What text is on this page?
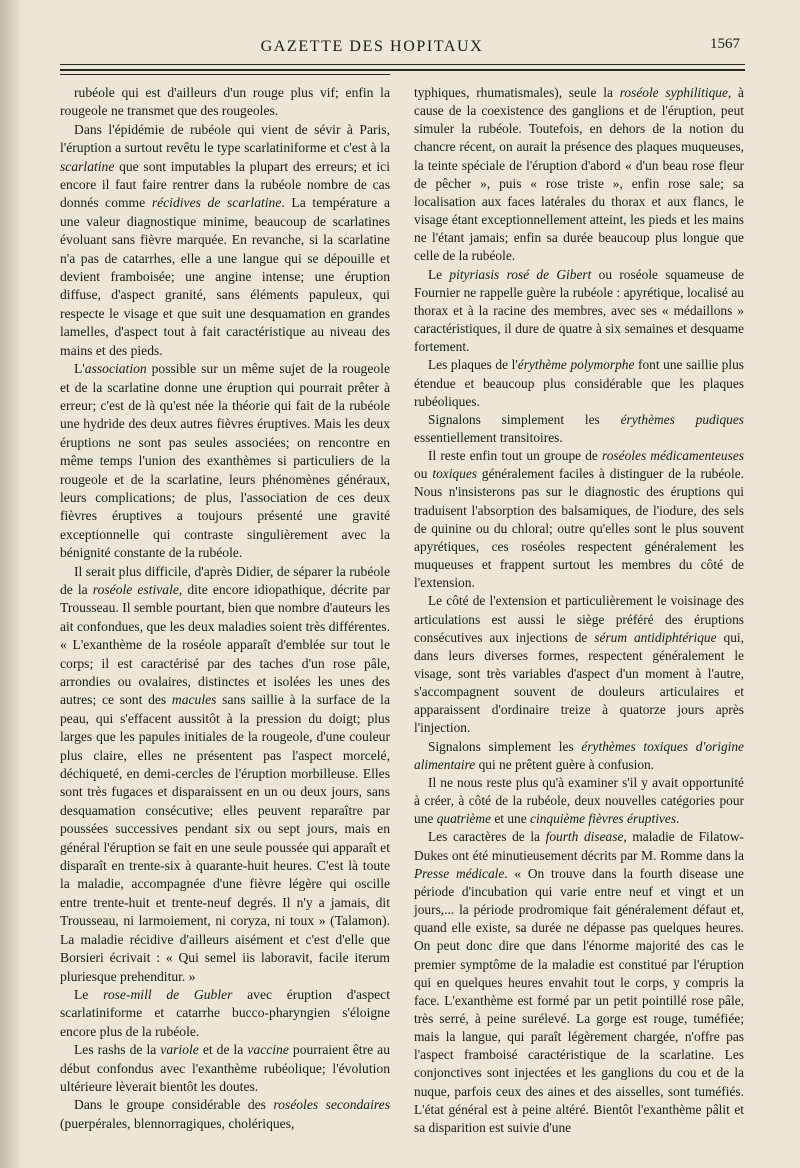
GAZETTE DES HOPITAUX	1567

rubéole qui est d'ailleurs d'un rouge plus vif; enfin la rougeole ne transmet que des rougeoles.

Dans l'épidémie de rubéole qui vient de sévir à Paris, l'éruption a surtout revêtu le type scarlatiniforme et c'est à la scarlatine que sont imputables la plupart des erreurs; et ici encore il faut faire rentrer dans la rubéole nombre de cas donnés comme récidives de scarlatine. La température a une valeur diagnostique minime, beaucoup de scarlatines évoluant sans fièvre marquée. En revanche, si la scarlatine n'a pas de catarrhes, elle a une langue qui se dépouille et devient framboisée; une angine intense; une éruption diffuse, d'aspect granité, sans éléments papuleux, qui respecte le visage et que suit une desquamation en grandes lamelles, d'aspect tout à fait caractéristique au niveau des mains et des pieds.

L'association possible sur un même sujet de la rougeole et de la scarlatine donne une éruption qui pourrait prêter à erreur; c'est de là qu'est née la théorie qui fait de la rubéole une hydride des deux autres fièvres éruptives. Mais les deux éruptions ne sont pas seules associées; on rencontre en même temps l'union des exanthèmes si particuliers de la rougeole et de la scarlatine, leurs phénomènes généraux, leurs complications; de plus, l'association de ces deux fièvres éruptives a toujours présenté une gravité exceptionnelle qui contraste singulièrement avec la bénignité constante de la rubéole.

Il serait plus difficile, d'après Didier, de séparer la rubéole de la roséole estivale, dite encore idiopathique, décrite par Trousseau. Il semble pourtant, bien que nombre d'auteurs les ait confondues, que les deux maladies soient très différentes. « L'exanthème de la roséole apparaît d'emblée sur tout le corps; il est caractérisé par des taches d'un rose pâle, arrondies ou ovalaires, distinctes et isolées les unes des autres; ce sont des macules sans saillie à la surface de la peau, qui s'effacent aussitôt à la pression du doigt; plus larges que les papules initiales de la rougeole, d'une couleur plus claire, elles ne présentent pas l'aspect morcelé, déchiqueté, en demi-cercles de l'éruption morbilleuse. Elles sont très fugaces et disparaissent en un ou deux jours, sans desquamation consécutive; elles peuvent reparaître par poussées successives pendant six ou sept jours, mais en général l'éruption se fait en une seule poussée qui apparaît et disparaît en trente-six à quarante-huit heures. C'est là toute la maladie, accompagnée d'une fièvre légère qui oscille entre trente-huit et trente-neuf degrés. Il n'y a jamais, dit Trousseau, ni larmoiement, ni coryza, ni toux » (Talamon). La maladie récidive d'ailleurs aisément et c'est d'elle que Borsieri écrivait : « Qui semel iis laboravit, facile iterum pluriesque prehenditur. »

Le rose-mill de Gubler avec éruption d'aspect scarlatiniforme et catarrhe bucco-pharyngien s'éloigne encore plus de la rubéole.

Les rashs de la variole et de la vaccine pourraient être au début confondus avec l'exanthème rubéolique; l'évolution ultérieure lèverait bientôt les doutes.

Dans le groupe considérable des roséoles secondaires (puerpérales, blennorragiques, cholériques,

typhiques, rhumatismales), seule la roséole syphilitique, à cause de la coexistence des ganglions et de l'éruption, peut simuler la rubéole. Toutefois, en dehors de la notion du chancre récent, on aurait la présence des plaques muqueuses, la teinte spéciale de l'éruption d'abord « d'un beau rose fleur de pêcher », puis « rose triste », enfin rose sale; sa localisation aux faces latérales du thorax et aux flancs, le visage étant exceptionnellement atteint, les pieds et les mains ne l'étant jamais; enfin sa durée beaucoup plus longue que celle de la rubéole.

Le pityriasis rosé de Gibert ou roséole squameuse de Fournier ne rappelle guère la rubéole : apyrétique, localisé au thorax et à la racine des membres, avec ses « médaillons » caractéristiques, il dure de quatre à six semaines et desquame fortement.

Les plaques de l'érythème polymorphe font une saillie plus étendue et beaucoup plus considérable que les plaques rubéoliques.

Signalons simplement les érythèmes pudiques essentiellement transitoires.

Il reste enfin tout un groupe de roséoles médicamenteuses ou toxiques généralement faciles à distinguer de la rubéole. Nous n'insisterons pas sur le diagnostic des éruptions qui traduisent l'absorption des balsamiques, de l'iodure, des sels de quinine ou du chloral; outre qu'elles sont le plus souvent apyrétiques, ces roséoles respectent généralement les muqueuses et frappent surtout les membres du côté de l'extension.

Le côté de l'extension et particulièrement le voisinage des articulations est aussi le siège préféré des éruptions consécutives aux injections de sérum antidiphtérique qui, dans leurs diverses formes, respectent généralement le visage, sont très variables d'aspect d'un moment à l'autre, s'accompagnent souvent de douleurs articulaires et apparaissent d'ordinaire treize à quatorze jours après l'injection.

Signalons simplement les érythèmes toxiques d'origine alimentaire qui ne prêtent guère à confusion.

Il ne nous reste plus qu'à examiner s'il y avait opportunité à créer, à côté de la rubéole, deux nouvelles catégories pour une quatrième et une cinquième fièvres éruptives.

Les caractères de la fourth disease, maladie de Filatow-Dukes ont été minutieusement décrits par M. Romme dans la Presse médicale. « On trouve dans la fourth disease une période d'incubation qui varie entre neuf et vingt et un jours,... la période prodromique fait généralement défaut et, quand elle existe, sa durée ne dépasse pas quelques heures. On peut donc dire que dans l'énorme majorité des cas le premier symptôme de la maladie est constitué par l'éruption qui en quelques heures envahit tout le corps, y compris la face. L'exanthème est formé par un petit pointillé rose pâle, très serré, à peine surélevé. La gorge est rouge, tuméfiée; mais la langue, qui paraît légèrement chargée, n'offre pas l'aspect framboisé caractéristique de la scarlatine. Les conjonctives sont injectées et les ganglions du cou et de la nuque, parfois ceux des aines et des aisselles, sont tuméfiés. L'état général est à peine altéré. Bientôt l'exanthème pâlit et sa disparition est suivie d'une
